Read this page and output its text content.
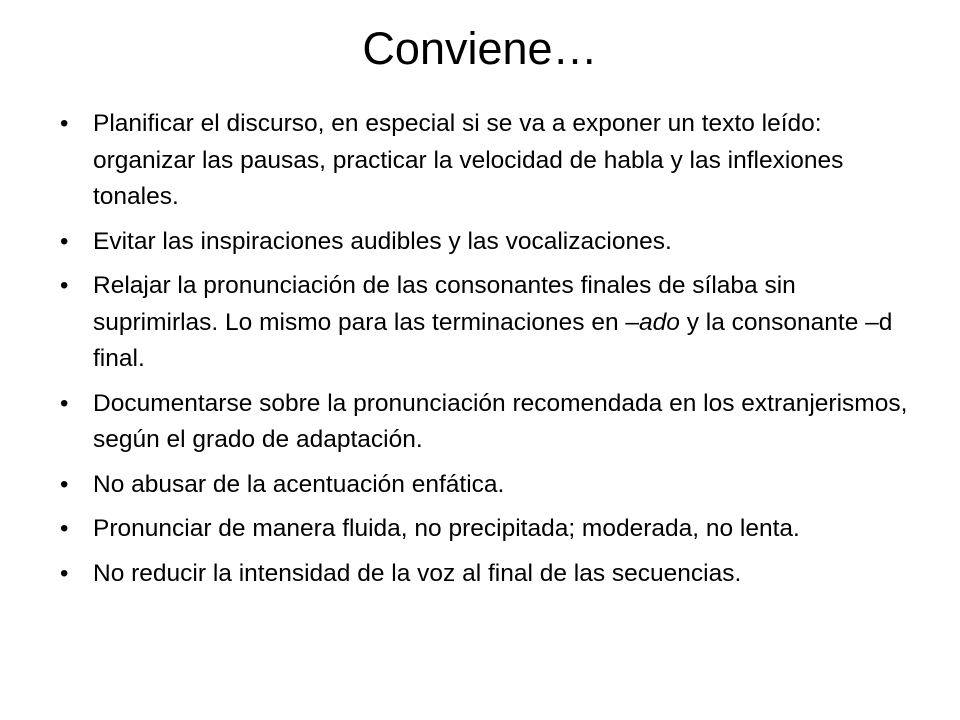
Conviene…
• Planificar el discurso, en especial si se va a exponer un texto leído: organizar las pausas, practicar la velocidad de habla y las inflexiones tonales.
• Evitar las inspiraciones audibles y las vocalizaciones.
• Relajar la pronunciación de las consonantes finales de sílaba sin suprimirlas. Lo mismo para las terminaciones en –ado y la consonante –d final.
• Documentarse sobre la pronunciación recomendada en los extranjerismos, según el grado de adaptación.
• No abusar de la acentuación enfática.
• Pronunciar de manera fluida, no precipitada; moderada, no lenta.
• No reducir la intensidad de la voz al final de las secuencias.
